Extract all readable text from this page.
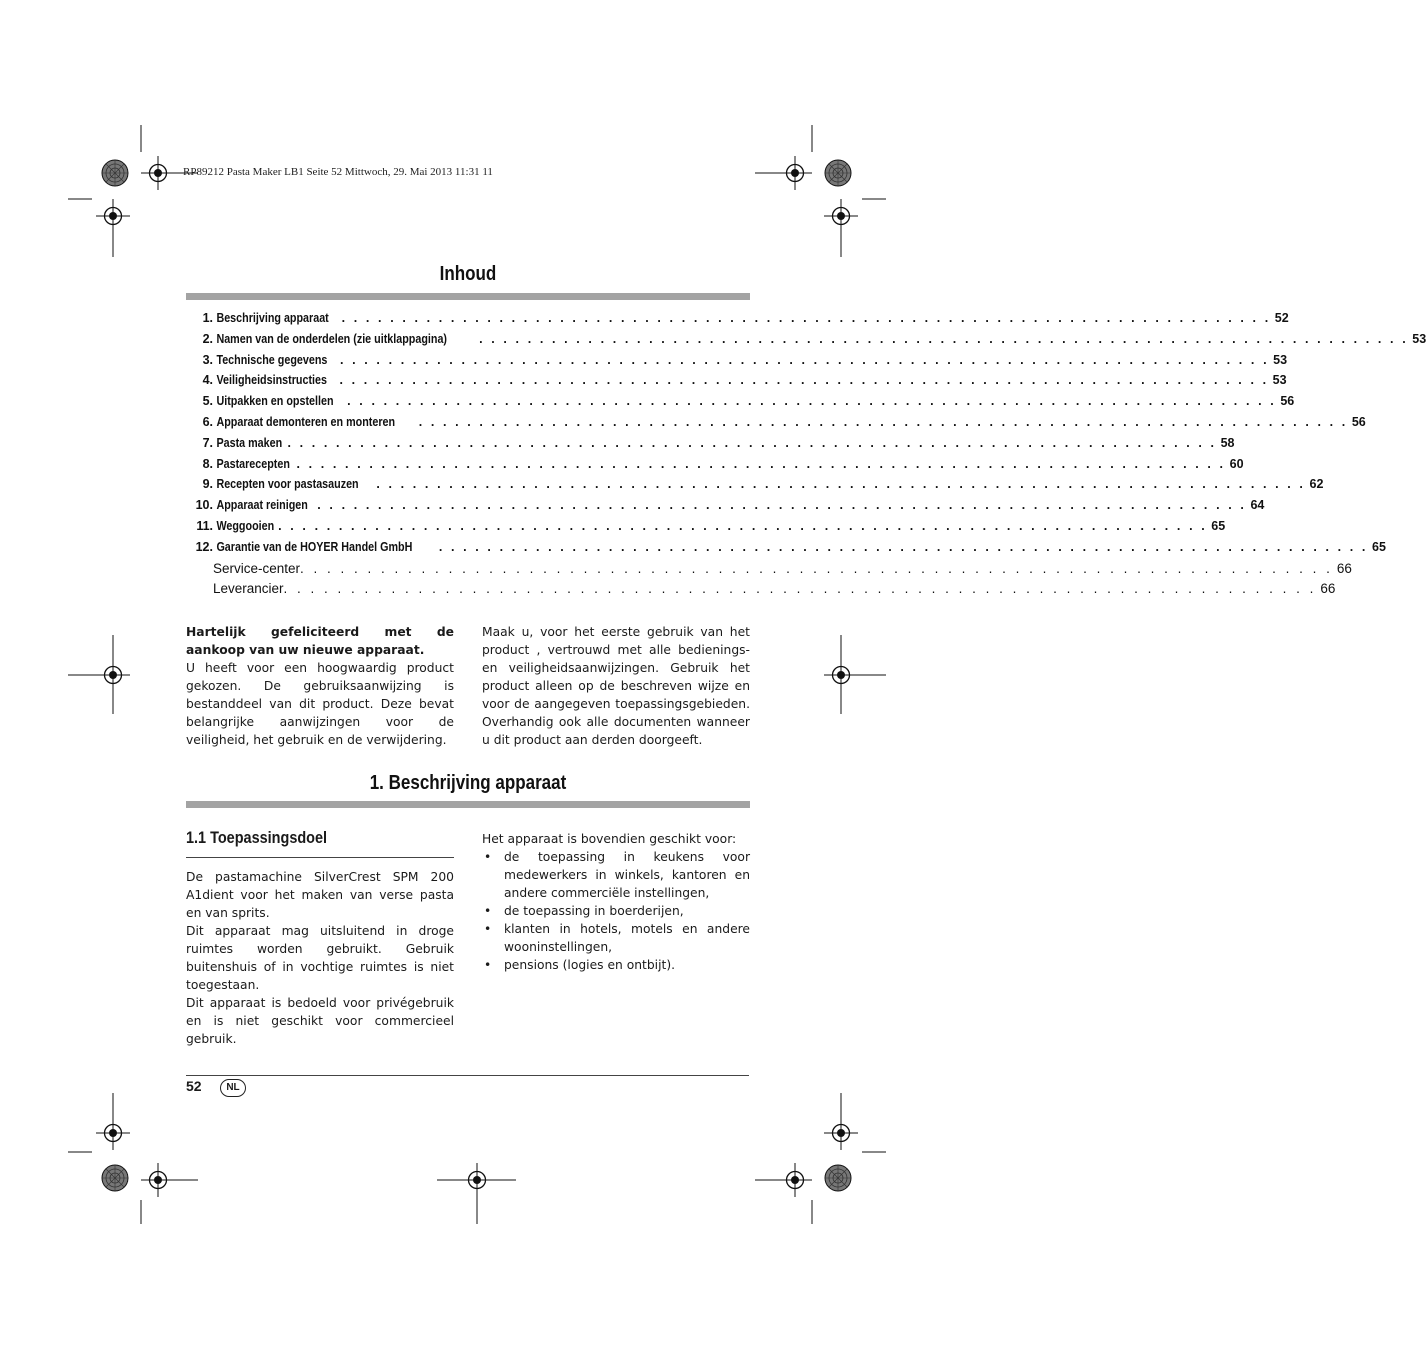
RP89212 Pasta Maker LB1 Seite 52 Mittwoch, 29. Mai 2013 11:31 11
Inhoud
1. Beschrijving apparaat . . . . . . . . . . . . . . . . . . . . . . . . . . . . . . . . . . . . . . . . . . . . . . . . . . . . . . . . . . . . . . . . . . . . . . . . . . . . . 52
2. Namen van de onderdelen (zie uitklappagina)	. . . . . . . . . . . . . . . . . . . . . . . . . . . . . . . . . . . . . . . . . . . . . . . . . . . . . . . . . . . . . . . . . . . . . . . . . . . . . 53
3. Technische gegevens . . . . . . . . . . . . . . . . . . . . . . . . . . . . . . . . . . . . . . . . . . . . . . . . . . . . . . . . . . . . . . . . . . . . . . . . . . . . . 53
4. Veiligheidsinstructies . . . . . . . . . . . . . . . . . . . . . . . . . . . . . . . . . . . . . . . . . . . . . . . . . . . . . . . . . . . . . . . . . . . . . . . . . . . . . 53
5. Uitpakken en opstellen . . . . . . . . . . . . . . . . . . . . . . . . . . . . . . . . . . . . . . . . . . . . . . . . . . . . . . . . . . . . . . . . . . . . . . . . . . . . . 56
6. Apparaat demonteren en monteren . . . . . . . . . . . . . . . . . . . . . . . . . . . . . . . . . . . . . . . . . . . . . . . . . . . . . . . . . . . . . . . . . . . . . . . . . . . . . 56
7. Pasta maken . . . . . . . . . . . . . . . . . . . . . . . . . . . . . . . . . . . . . . . . . . . . . . . . . . . . . . . . . . . . . . . . . . . . . . . . . . . . . 58
8. Pastarecepten . . . . . . . . . . . . . . . . . . . . . . . . . . . . . . . . . . . . . . . . . . . . . . . . . . . . . . . . . . . . . . . . . . . . . . . . . . . . . 60
9. Recepten voor pastasauzen . . . . . . . . . . . . . . . . . . . . . . . . . . . . . . . . . . . . . . . . . . . . . . . . . . . . . . . . . . . . . . . . . . . . . . . . . . . . . 62
10. Apparaat reinigen . . . . . . . . . . . . . . . . . . . . . . . . . . . . . . . . . . . . . . . . . . . . . . . . . . . . . . . . . . . . . . . . . . . . . . . . . . . . . 64
11. Weggooien . . . . . . . . . . . . . . . . . . . . . . . . . . . . . . . . . . . . . . . . . . . . . . . . . . . . . . . . . . . . . . . . . . . . . . . . . . . . . 65
12. Garantie van de HOYER Handel GmbH . . . . . . . . . . . . . . . . . . . . . . . . . . . . . . . . . . . . . . . . . . . . . . . . . . . . . . . . . . . . . . . . . . . . . . . . . . . . . 65
Service-center . . . . . . . . . . . . . . . . . . . . . . . . . . . . . . . . . . . . . . . . . . . . . . . . . . . . . . . . . . . . . . . . . . . . . . . . . . . . . 66
Leverancier . . . . . . . . . . . . . . . . . . . . . . . . . . . . . . . . . . . . . . . . . . . . . . . . . . . . . . . . . . . . . . . . . . . . . . . . . . . . . 66

Hartelijk gefeliciteerd met de aankoop van uw nieuwe apparaat.

U heeft voor een hoogwaardig product gekozen. De gebruiksaanwijzing is bestanddeel van dit product. Deze bevat belangrijke aanwijzingen voor de veiligheid, het gebruik en de verwijdering.

Maak u, voor het eerste gebruik van het product , vertrouwd met alle bedienings- en veiligheidsaanwijzingen. Gebruik het product alleen op de beschreven wijze en voor de aangegeven toepassingsgebieden. Overhandig ook alle documenten wanneer u dit product aan derden doorgeeft.

1. Beschrijving apparaat
1.1 Toepassingsdoel

De pastamachine SilverCrest SPM 200 A1dient voor het maken van verse pasta en van sprits.

Dit apparaat mag uitsluitend in droge ruimtes worden gebruikt. Gebruik buitenshuis of in vochtige ruimtes is niet toegestaan.

Dit apparaat is bedoeld voor privégebruik en is niet geschikt voor commercieel gebruik.

Het apparaat is bovendien geschikt voor:

• de toepassing in keukens voor medewerkers in winkels, kantoren en andere commerciële instellingen,
• de toepassing in boerderijen,
• klanten in hotels, motels en andere wooninstellingen,
• pensions (logies en ontbijt).
52	NL
